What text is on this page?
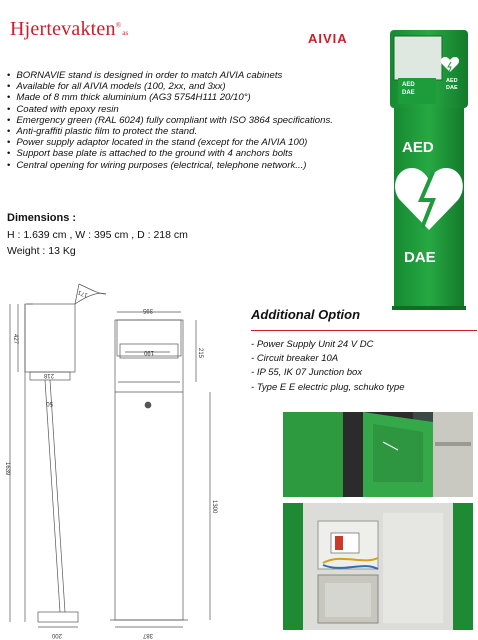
Hjertevakten®as	AIVIA
• BORNAVIE stand is designed in order to match AIVIA cabinets
• Available for all AIVIA models (100, 2xx, and 3xx)
• Made of 8 mm thick aluminium (AG3 5754H111 20/10°)
• Coated with epoxy resin
• Emergency green (RAL 6024) fully compliant with ISO 3864 specifications.
• Anti-graffiti plastic film to protect the stand.
• Power supply adaptor located in the stand (except for the AIVIA 100)
• Support base plate is attached to the ground with 4 anchors bolts
• Central opening for wiring purposes (electrical, telephone network...)
Dimensions :
H : 1.639 cm , W : 395 cm , D : 218 cm
Weight : 13 Kg
AED
DAE
AED
DAE
AED
DAE
1639
427
218
50
200
171
395
190	215
1300
387
Additional Option
- Power Supply Unit 24 V DC
- Circuit breaker 10A
- IP 55, IK 07 Junction box
- Type E E electric plug, schuko type
